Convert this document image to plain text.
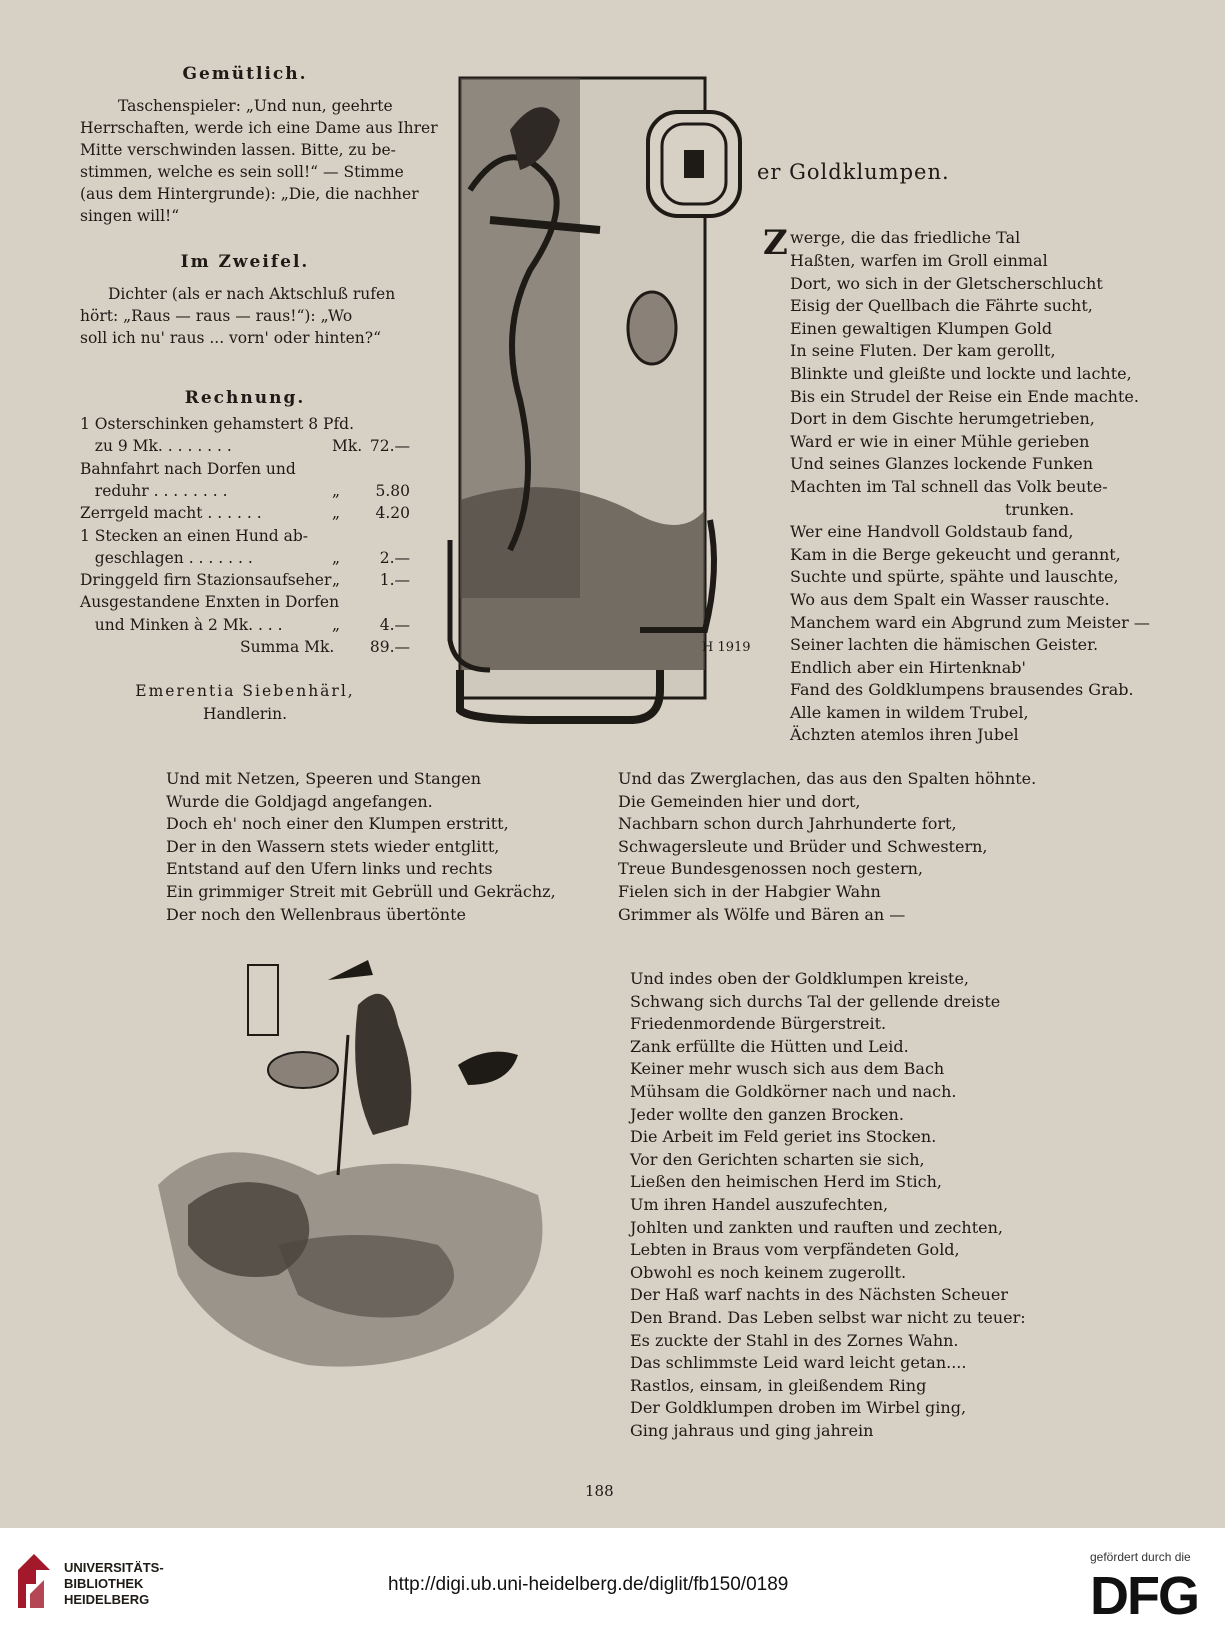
Gemütlich.
Taschenspieler: „Und nun, geehrte
Herrschaften, werde ich eine Dame aus Ihrer
Mitte verschwinden lassen. Bitte, zu be-
stimmen, welche es sein soll!“ — Stimme
(aus dem Hintergrunde): „Die, die nachher
singen will!“
Im Zweifel.
Dichter (als er nach Aktschluß rufen
hört: „Raus — raus — raus!“): „Wo
soll ich nu' raus ... vorn' oder hinten?“
Rechnung.
1 Osterschinken gehamstert 8 Pfd.
zu 9 Mk. . . . . . . .	Mk. 72.—
Bahnfahrt nach Dorfen und
reduhr . . . . . . . .	„ 5.80
Zerrgeld macht . . . . . .	„ 4.20
1 Stecken an einen Hund ab-
geschlagen . . . . . . .	„	2.—
Dringgeld firn Stazionsaufseher „	1.—
Ausgestandene Enxten in Dorfen
und Minken à 2 Mk. . . .	„	4.—
Summa Mk. 89.—
Emerentia Siebenhärl,
Handlerin.
H 1919
er Goldklumpen.
Z werge, die das friedliche Tal
Haßten, warfen im Groll einmal
Dort, wo sich in der Gletscherschlucht
Eisig der Quellbach die Fährte sucht,
Einen gewaltigen Klumpen Gold
In seine Fluten. Der kam gerollt,
Blinkte und gleißte und lockte und lachte,
Bis ein Strudel der Reise ein Ende machte.
Dort in dem Gischte herumgetrieben,
Ward er wie in einer Mühle gerieben
Und seines Glanzes lockende Funken
Machten im Tal schnell das Volk beute-
trunken.
Wer eine Handvoll Goldstaub fand,
Kam in die Berge gekeucht und gerannt,
Suchte und spürte, spähte und lauschte,
Wo aus dem Spalt ein Wasser rauschte.
Manchem ward ein Abgrund zum Meister —
Seiner lachten die hämischen Geister.
Endlich aber ein Hirtenknab'
Fand des Goldklumpens brausendes Grab.
Alle kamen in wildem Trubel,
Ächzten atemlos ihren Jubel
Und mit Netzen, Speeren und Stangen
Wurde die Goldjagd angefangen.
Doch eh' noch einer den Klumpen erstritt,
Der in den Wassern stets wieder entglitt,
Entstand auf den Ufern links und rechts
Ein grimmiger Streit mit Gebrüll und Gekrächz,
Der noch den Wellenbraus übertönte
Und das Zwerglachen, das aus den Spalten höhnte.
Die Gemeinden hier und dort,
Nachbarn schon durch Jahrhunderte fort,
Schwagersleute und Brüder und Schwestern,
Treue Bundesgenossen noch gestern,
Fielen sich in der Habgier Wahn
Grimmer als Wölfe und Bären an —
Und indes oben der Goldklumpen kreiste,
Schwang sich durchs Tal der gellende dreiste
Friedenmordende Bürgerstreit.
Zank erfüllte die Hütten und Leid.
Keiner mehr wusch sich aus dem Bach
Mühsam die Goldkörner nach und nach.
Jeder wollte den ganzen Brocken.
Die Arbeit im Feld geriet ins Stocken.
Vor den Gerichten scharten sie sich,
Ließen den heimischen Herd im Stich,
Um ihren Handel auszufechten,
Johlten und zankten und rauften und zechten,
Lebten in Braus vom verpfändeten Gold,
Obwohl es noch keinem zugerollt.
Der Haß warf nachts in des Nächsten Scheuer
Den Brand. Das Leben selbst war nicht zu teuer:
Es zuckte der Stahl in des Zornes Wahn.
Das schlimmste Leid ward leicht getan....
Rastlos, einsam, in gleißendem Ring
Der Goldklumpen droben im Wirbel ging,
Ging jahraus und ging jahrein
188
UNIVERSITÄTS-
BIBLIOTHEK
HEIDELBERG
http://digi.ub.uni-heidelberg.de/diglit/fb150/0189
gefördert durch die
DFG
